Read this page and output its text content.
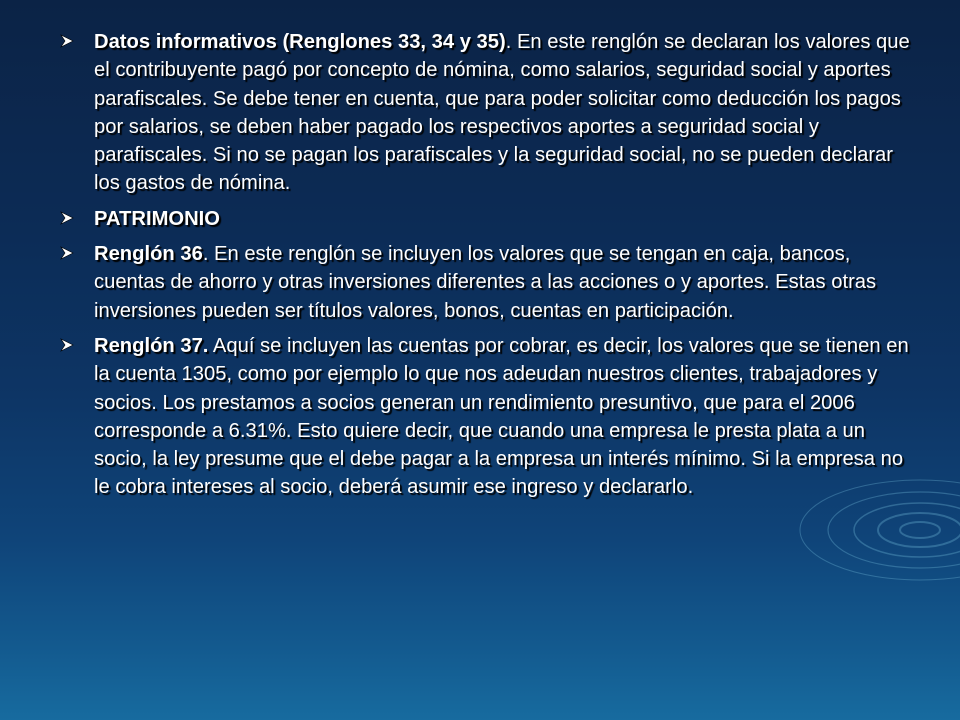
Datos informativos (Renglones 33, 34 y 35). En este renglón se declaran los valores que el contribuyente pagó por concepto de nómina, como salarios, seguridad social y aportes parafiscales. Se debe tener en cuenta, que para poder solicitar como deducción los pagos por salarios, se deben haber pagado los respectivos aportes a seguridad social y parafiscales. Si no se pagan los parafiscales y la seguridad social, no se pueden declarar los gastos de nómina.
PATRIMONIO
Renglón 36. En este renglón se incluyen los valores que se tengan en caja, bancos, cuentas de ahorro y otras inversiones diferentes a las acciones o y aportes. Estas otras inversiones pueden ser títulos valores, bonos, cuentas en participación.
Renglón 37. Aquí se incluyen las cuentas por cobrar, es decir, los valores que se tienen en la cuenta 1305, como por ejemplo lo que nos adeudan nuestros clientes, trabajadores y socios. Los prestamos a socios generan un rendimiento presuntivo, que para el 2006 corresponde a 6.31%. Esto quiere decir, que cuando una empresa le presta plata a un socio, la ley presume que el debe pagar a la empresa un interés mínimo. Si la empresa no le cobra intereses al socio, deberá asumir ese ingreso y declararlo.
